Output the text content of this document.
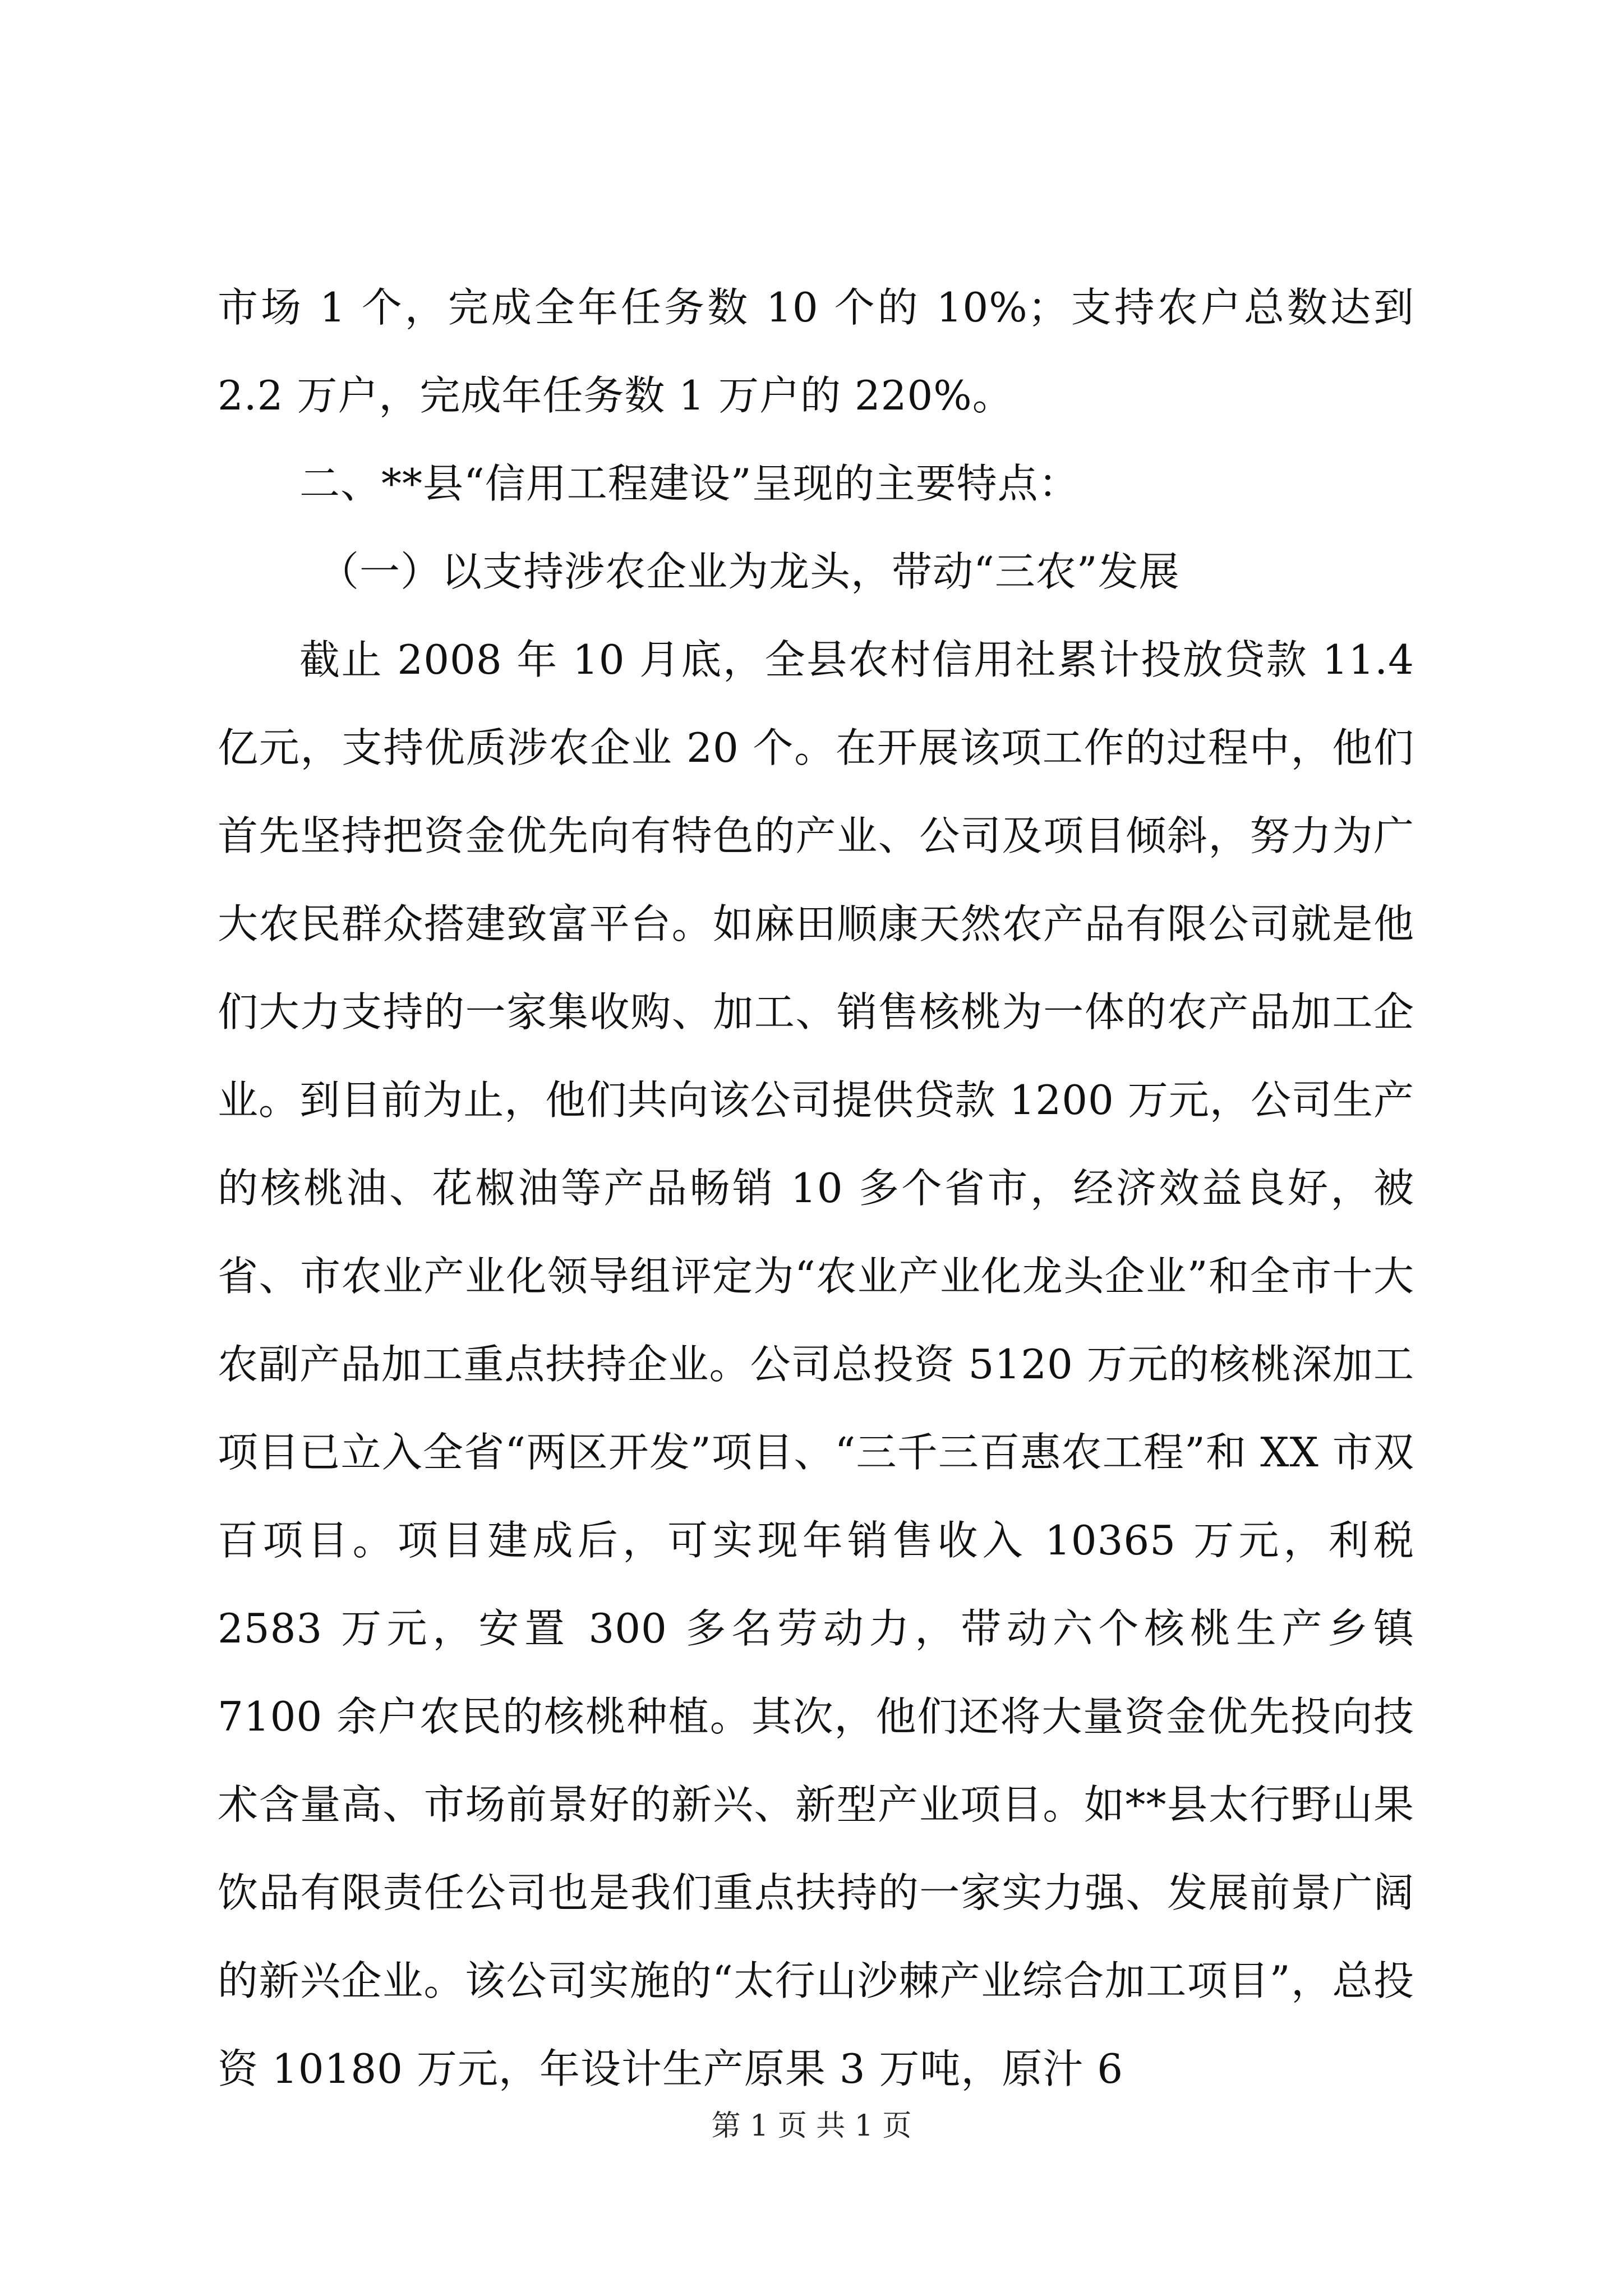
市场 1 个，完成全年任务数 10 个的 10%；支持农户总数达到 2.2 万户，完成年任务数 1 万户的 220%。

二、**县“信用工程建设”呈现的主要特点：

（一）以支持涉农企业为龙头，带动“三农”发展

截止 2008 年 10 月底，全县农村信用社累计投放贷款 11.4 亿元，支持优质涉农企业 20 个。在开展该项工作的过程中，他们首先坚持把资金优先向有特色的产业、公司及项目倾斜，努力为广大农民群众搭建致富平台。如麻田顺康天然农产品有限公司就是他们大力支持的一家集收购、加工、销售核桃为一体的农产品加工企业。到目前为止，他们共向该公司提供贷款 1200 万元，公司生产的核桃油、花椒油等产品畅销 10 多个省市，经济效益良好，被省、市农业产业化领导组评定为“农业产业化龙头企业”和全市十大农副产品加工重点扶持企业。公司总投资 5120 万元的核桃深加工项目已立入全省“两区开发”项目、“三千三百惠农工程”和 XX 市双百项目。项目建成后，可实现年销售收入 10365 万元，利税 2583 万元，安置 300 多名劳动力，带动六个核桃生产乡镇 7100 余户农民的核桃种植。其次，他们还将大量资金优先投向技术含量高、市场前景好的新兴、新型产业项目。如**县太行野山果饮品有限责任公司也是我们重点扶持的一家实力强、发展前景广阔的新兴企业。该公司实施的“太行山沙棘产业综合加工项目”，总投资 10180 万元，年设计生产原果 3 万吨，原汁 6

第 1 页 共 1 页
